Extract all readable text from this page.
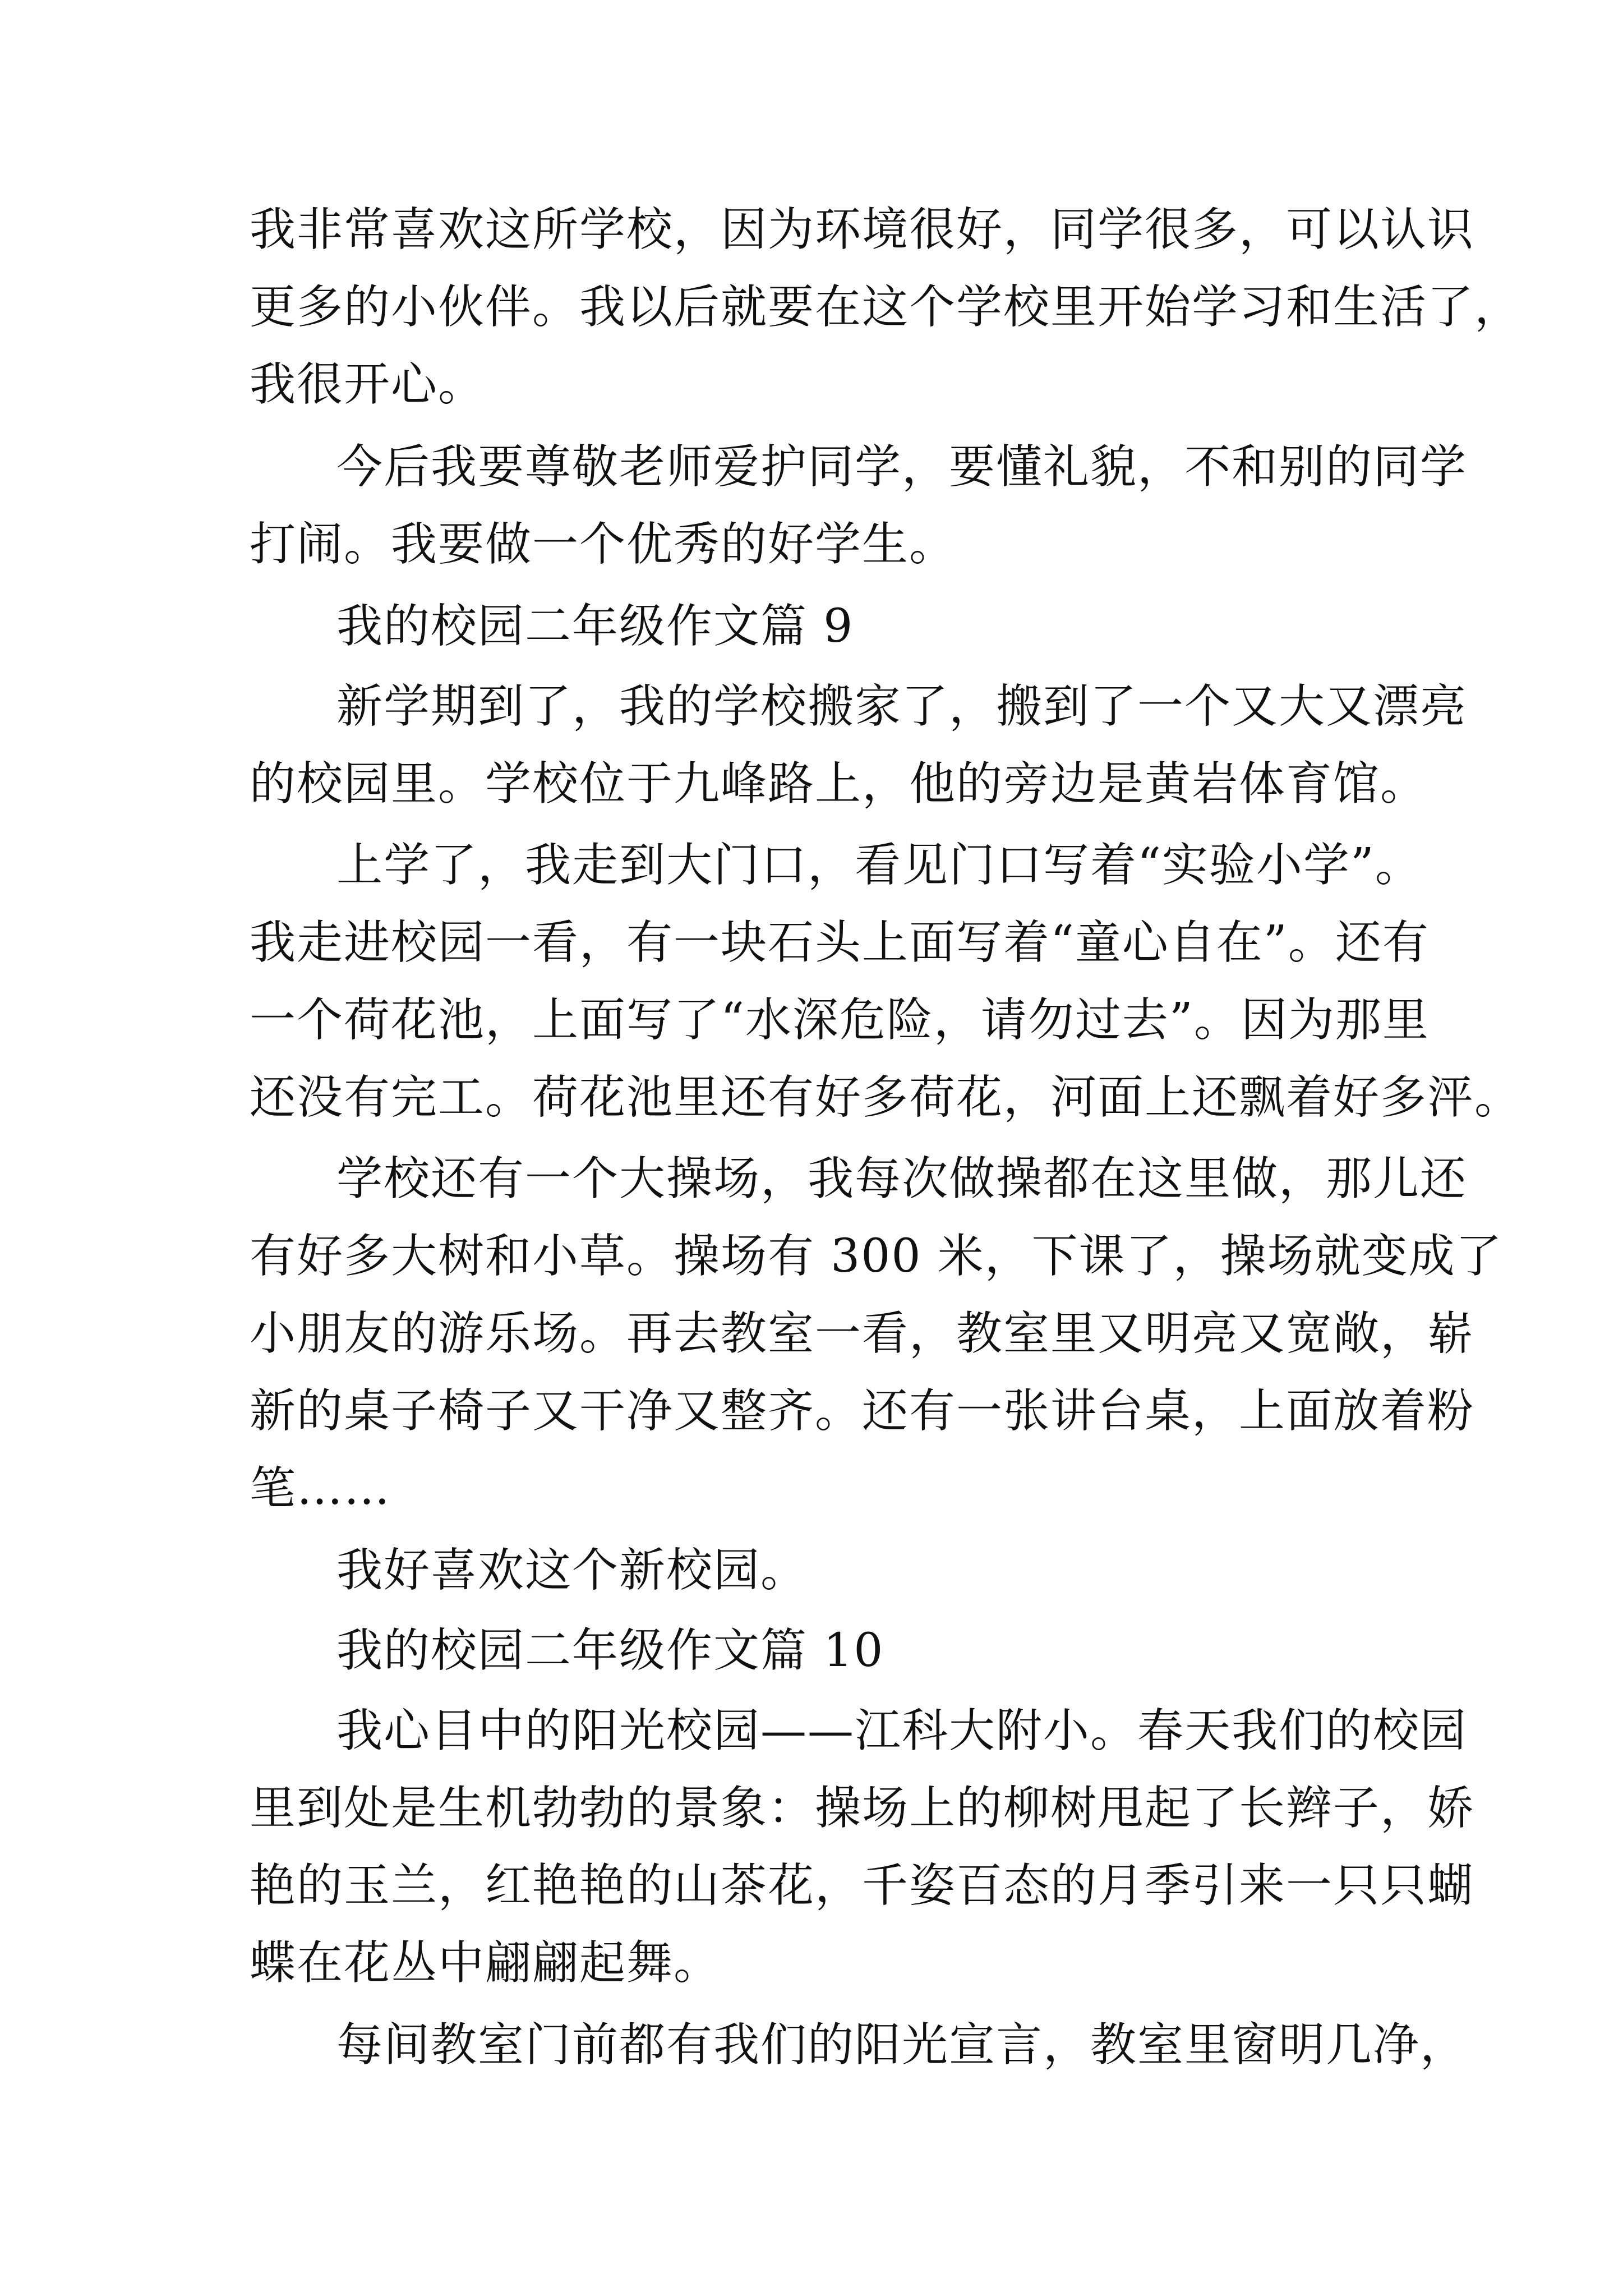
我非常喜欢这所学校，因为环境很好，同学很多，可以认识
更多的小伙伴。我以后就要在这个学校里开始学习和生活了，
我很开心。
今后我要尊敬老师爱护同学，要懂礼貌，不和别的同学
打闹。我要做一个优秀的好学生。
我的校园二年级作文篇 9
新学期到了，我的学校搬家了，搬到了一个又大又漂亮
的校园里。学校位于九峰路上，他的旁边是黄岩体育馆。
上学了，我走到大门口，看见门口写着“实验小学”。
我走进校园一看，有一块石头上面写着“童心自在”。还有
一个荷花池，上面写了“水深危险，请勿过去”。因为那里
还没有完工。荷花池里还有好多荷花，河面上还飘着好多泙。
学校还有一个大操场，我每次做操都在这里做，那儿还
有好多大树和小草。操场有 300 米，下课了，操场就变成了
小朋友的游乐场。再去教室一看，教室里又明亮又宽敞，崭
新的桌子椅子又干净又整齐。还有一张讲台桌，上面放着粉
笔……
我好喜欢这个新校园。
我的校园二年级作文篇 10
我心目中的阳光校园——江科大附小。春天我们的校园
里到处是生机勃勃的景象：操场上的柳树甩起了长辫子，娇
艳的玉兰，红艳艳的山茶花，千姿百态的月季引来一只只蝴
蝶在花丛中翩翩起舞。
每间教室门前都有我们的阳光宣言，教室里窗明几净，
